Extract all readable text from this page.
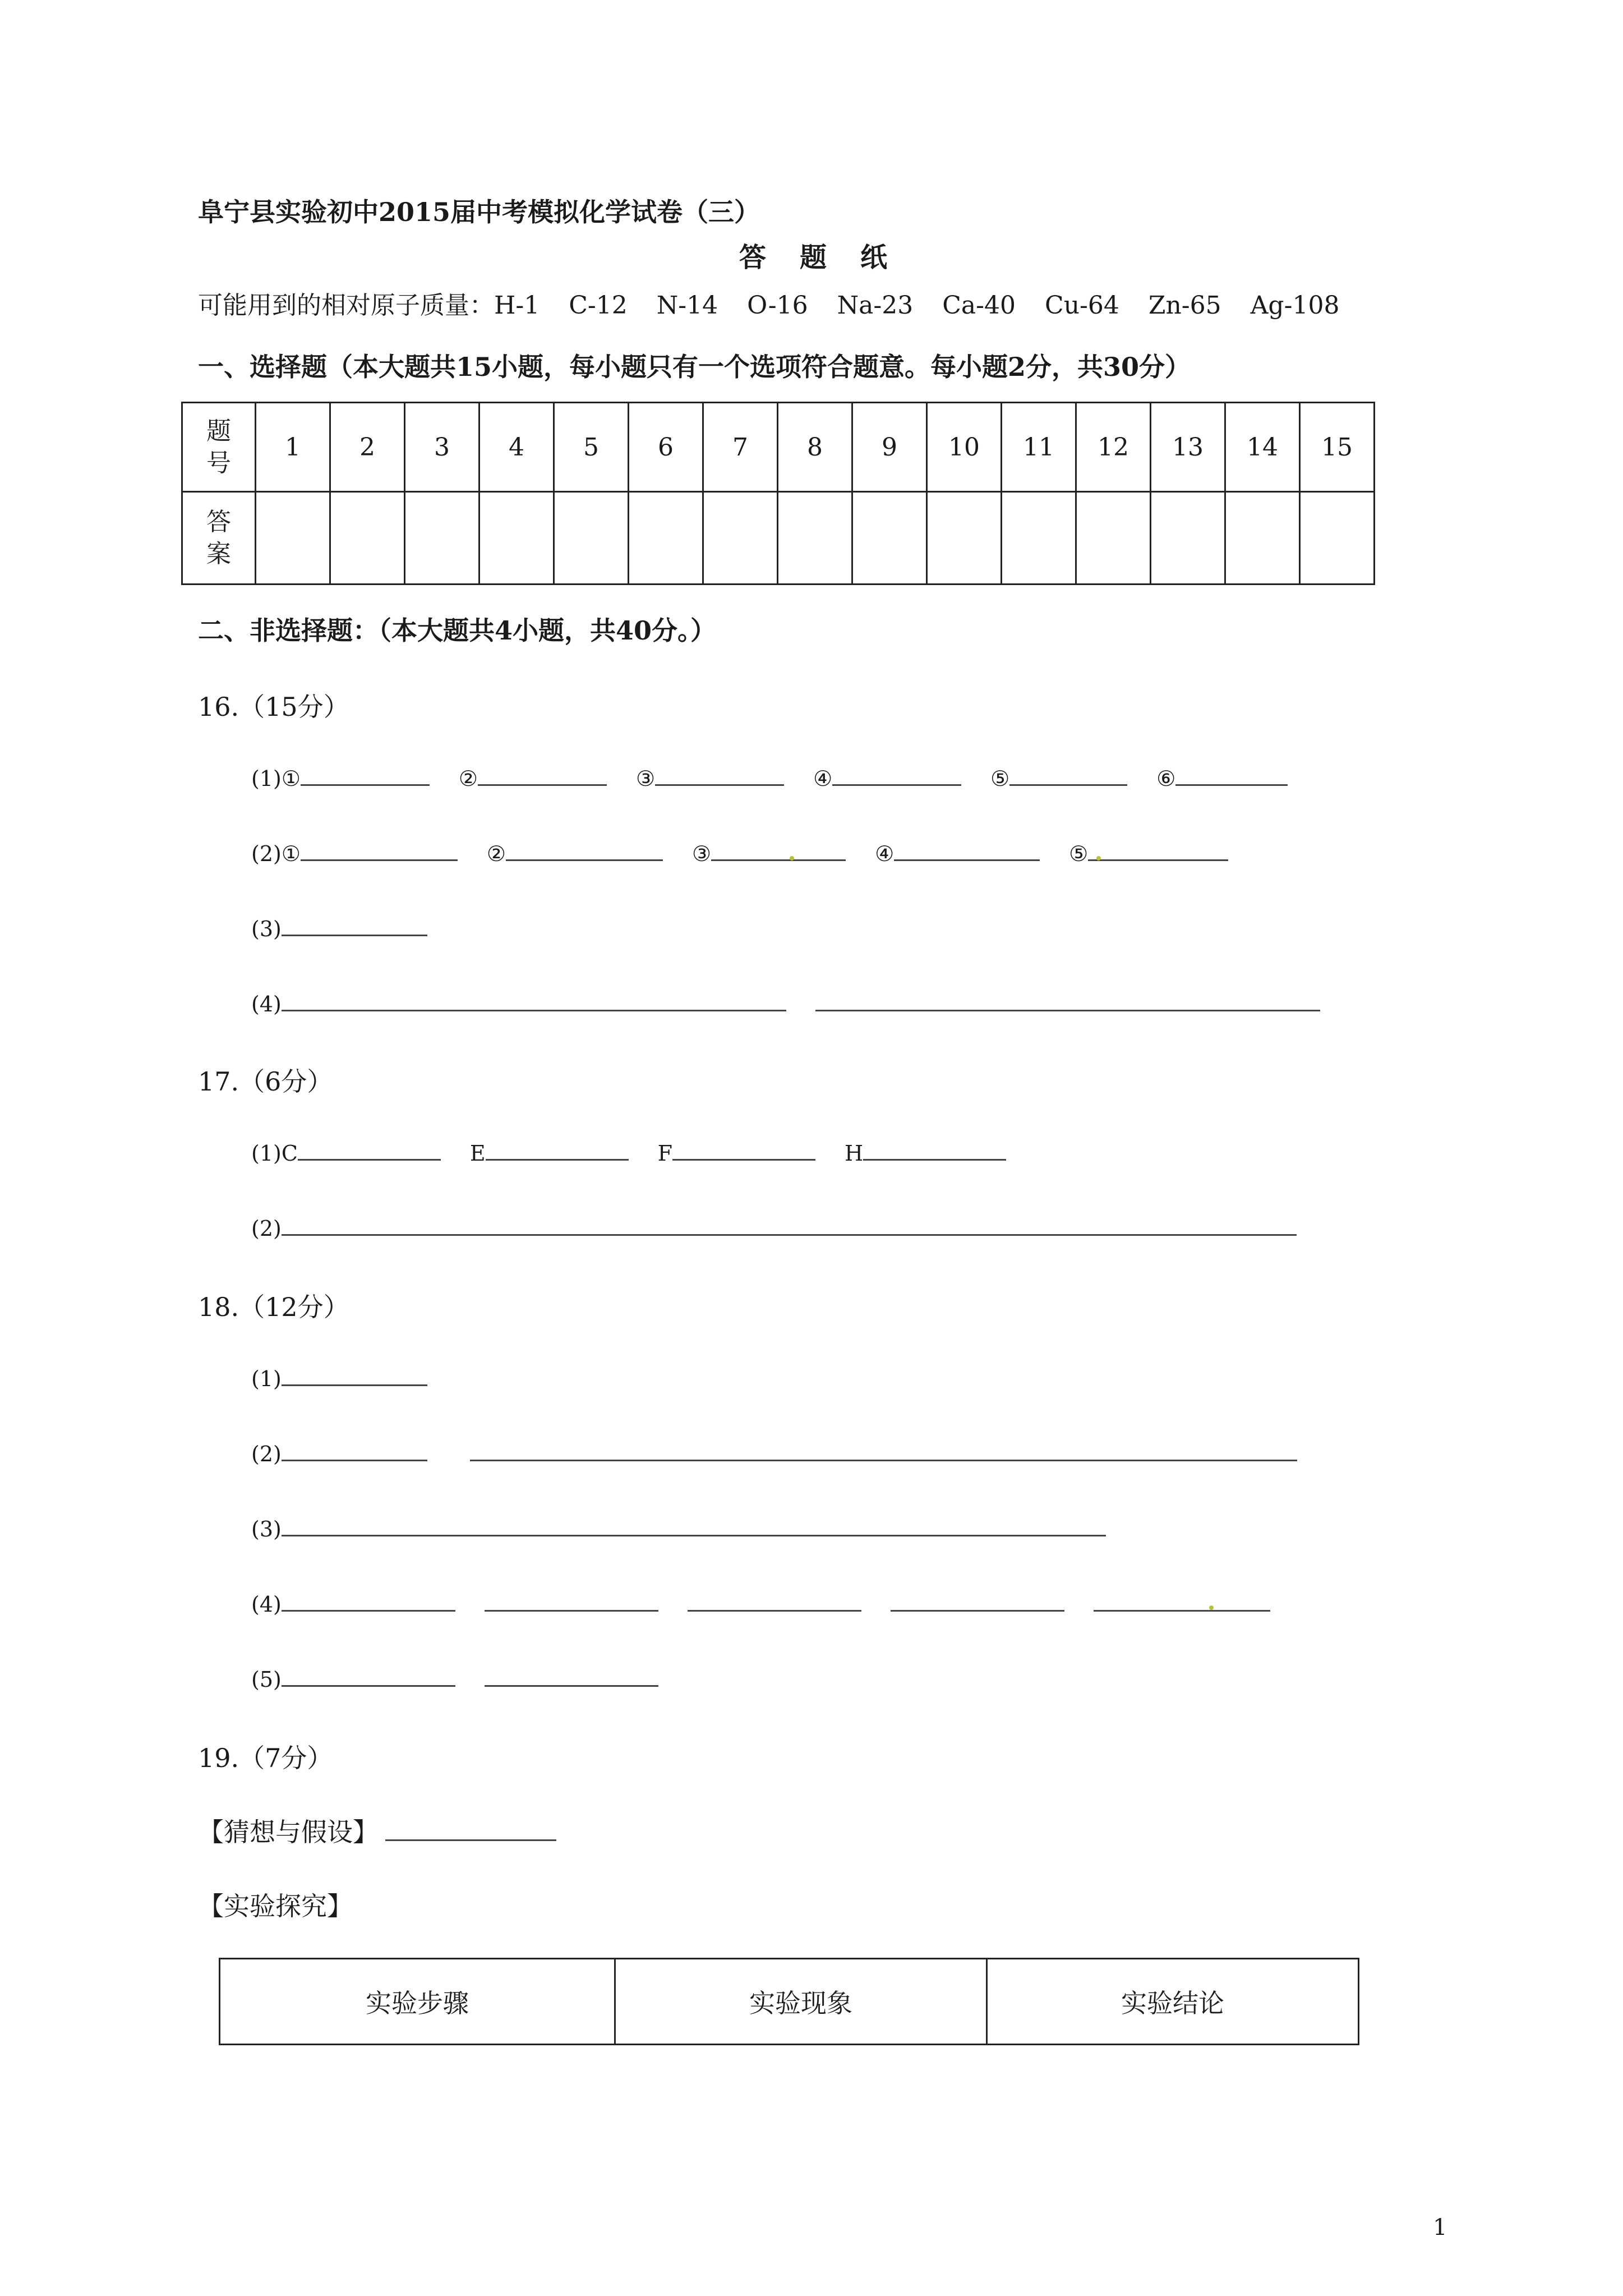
阜宁县实验初中2015届中考模拟化学试卷（三）
答题纸
可能用到的相对原子质量：H-1 C-12 N-14 O-16 Na-23 Ca-40 Cu-64 Zn-65 Ag-108
一、选择题（本大题共15小题，每小题只有一个选项符合题意。每小题2分，共30分）
题号	1	2	3	4	5	6	7	8	9	10	11	12	13	14	15
答案															
二、非选择题：（本大题共4小题，共40分。）
16.（15分）
(1)①	②	③	④	⑤	⑥
(2)①	②	③	④	⑤
(3)
(4)
17.（6分）
(1)C	E	F	H
(2)
18.（12分）
(1)
(2)
(3)
(4)
(5)
19.（7分）
【猜想与假设】
【实验探究】
实验步骤	实验现象	实验结论
1
